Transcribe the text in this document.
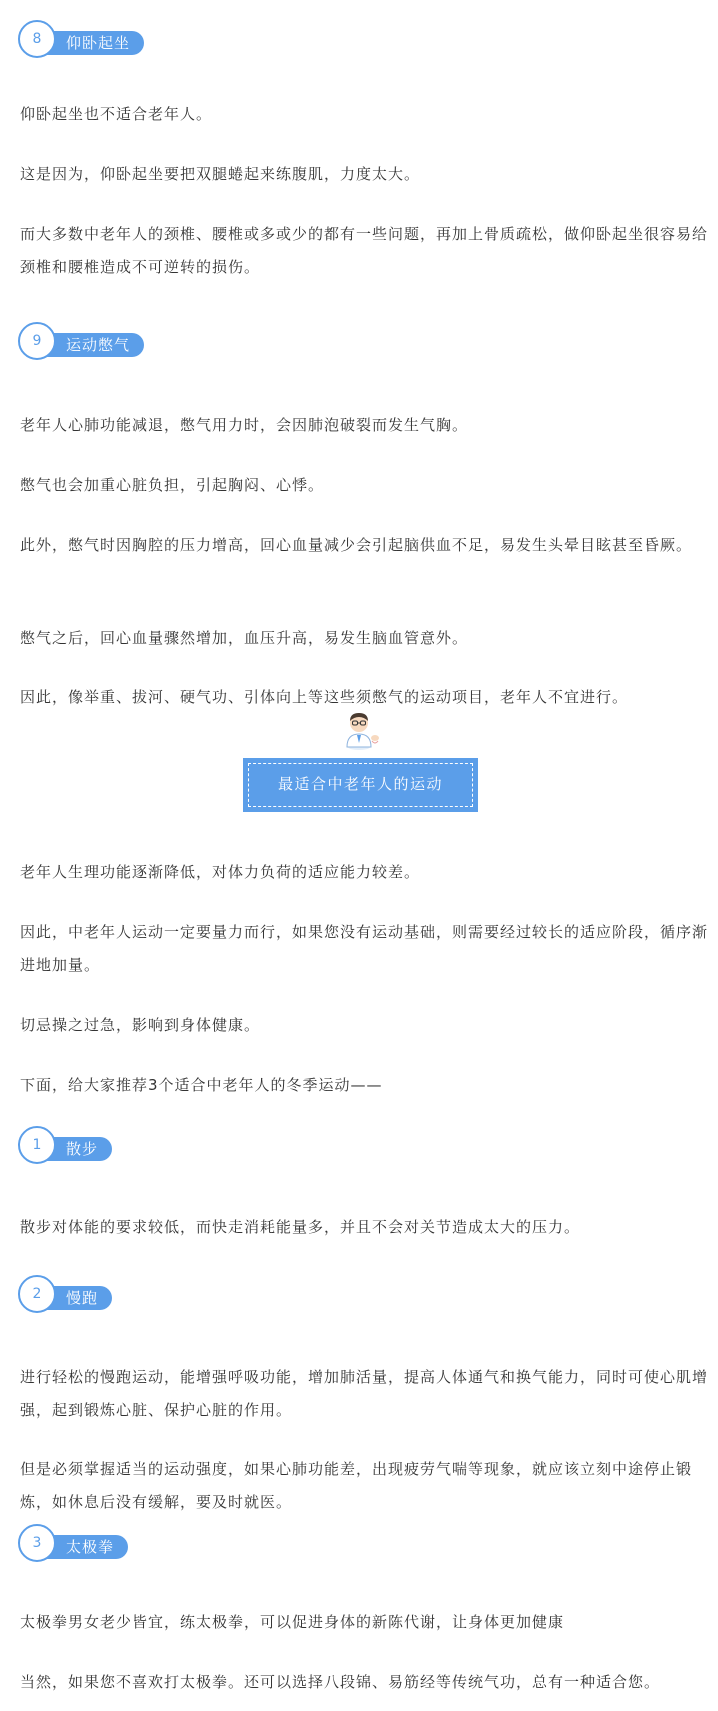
8	仰卧起坐

仰卧起坐也不适合老年人。

这是因为，仰卧起坐要把双腿蜷起来练腹肌，力度太大。

而大多数中老年人的颈椎、腰椎或多或少的都有一些问题，再加上骨质疏松，做仰卧起坐很容易给颈椎和腰椎造成不可逆转的损伤。

9	运动憋气

老年人心肺功能减退，憋气用力时，会因肺泡破裂而发生气胸。

憋气也会加重心脏负担，引起胸闷、心悸。

此外，憋气时因胸腔的压力增高，回心血量减少会引起脑供血不足，易发生头晕目眩甚至昏厥。

憋气之后，回心血量骤然增加，血压升高，易发生脑血管意外。

因此，像举重、拔河、硬气功、引体向上等这些须憋气的运动项目，老年人不宜进行。

最适合中老年人的运动

老年人生理功能逐渐降低，对体力负荷的适应能力较差。

因此，中老年人运动一定要量力而行，如果您没有运动基础，则需要经过较长的适应阶段，循序渐进地加量。

切忌操之过急，影响到身体健康。

下面，给大家推荐3个适合中老年人的冬季运动——

1	散步

散步对体能的要求较低，而快走消耗能量多，并且不会对关节造成太大的压力。

2	慢跑

进行轻松的慢跑运动，能增强呼吸功能，增加肺活量，提高人体通气和换气能力，同时可使心肌增强，起到锻炼心脏、保护心脏的作用。

但是必须掌握适当的运动强度，如果心肺功能差，出现疲劳气喘等现象，就应该立刻中途停止锻炼，如休息后没有缓解，要及时就医。

3	太极拳

太极拳男女老少皆宜，练太极拳，可以促进身体的新陈代谢，让身体更加健康

当然，如果您不喜欢打太极拳。还可以选择八段锦、易筋经等传统气功，总有一种适合您。
